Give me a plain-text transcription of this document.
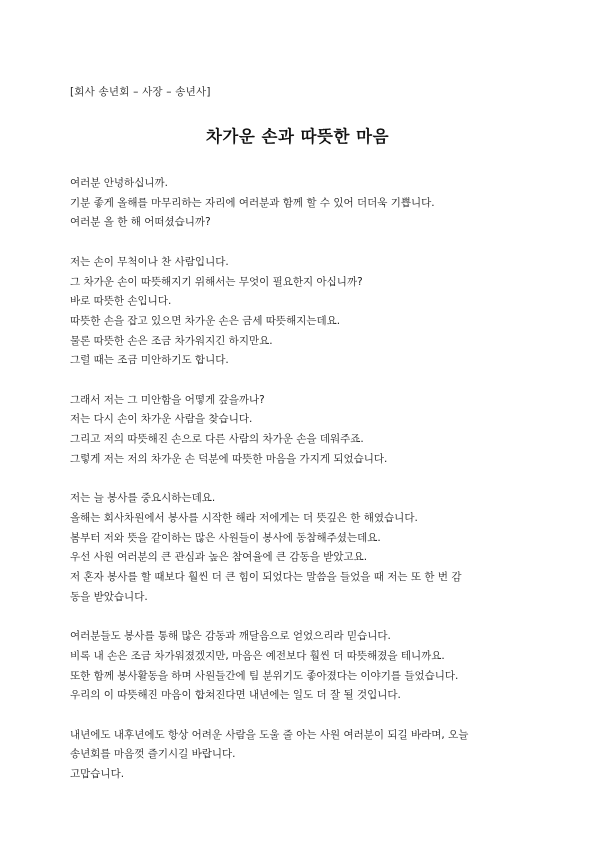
[회사 송년회 – 사장 – 송년사]
차가운 손과 따뜻한 마음
여러분 안녕하십니까.
기분 좋게 올해를 마무리하는 자리에 여러분과 함께 할 수 있어 더더욱 기쁩니다.
여러분 올 한 해 어떠셨습니까?
저는 손이 무척이나 찬 사람입니다.
그 차가운 손이 따뜻해지기 위해서는 무엇이 필요한지 아십니까?
바로 따뜻한 손입니다.
따뜻한 손을 잡고 있으면 차가운 손은 금세 따뜻해지는데요.
물론 따뜻한 손은 조금 차가워지긴 하지만요.
그럴 때는 조금 미안하기도 합니다.
그래서 저는 그 미안함을 어떻게 갚을까나?
저는 다시 손이 차가운 사람을 찾습니다.
그리고 저의 따뜻해진 손으로 다른 사람의 차가운 손을 데워주죠.
그렇게 저는 저의 차가운 손 덕분에 따뜻한 마음을 가지게 되었습니다.
저는 늘 봉사를 중요시하는데요.
올해는 회사차원에서 봉사를 시작한 해라 저에게는 더 뜻깊은 한 해였습니다.
봄부터 저와 뜻을 같이하는 많은 사원들이 봉사에 동참해주셨는데요.
우선 사원 여러분의 큰 관심과 높은 참여율에 큰 감동을 받았고요.
저 혼자 봉사를 할 때보다 훨씬 더 큰 힘이 되었다는 말씀을 들었을 때 저는 또 한 번 감
동을 받았습니다.
여러분들도 봉사를 통해 많은 감동과 깨달음으로 얻었으리라 믿습니다.
비록 내 손은 조금 차가워졌겠지만, 마음은 예전보다 훨씬 더 따뜻해졌을 테니까요.
또한 함께 봉사활동을 하며 사원들간에 팀 분위기도 좋아졌다는 이야기를 들었습니다.
우리의 이 따뜻해진 마음이 합쳐진다면 내년에는 일도 더 잘 될 것입니다.
내년에도 내후년에도 항상 어려운 사람을 도울 줄 아는 사원 여러분이 되길 바라며, 오늘
송년회를 마음껏 즐기시길 바랍니다.
고맙습니다.
